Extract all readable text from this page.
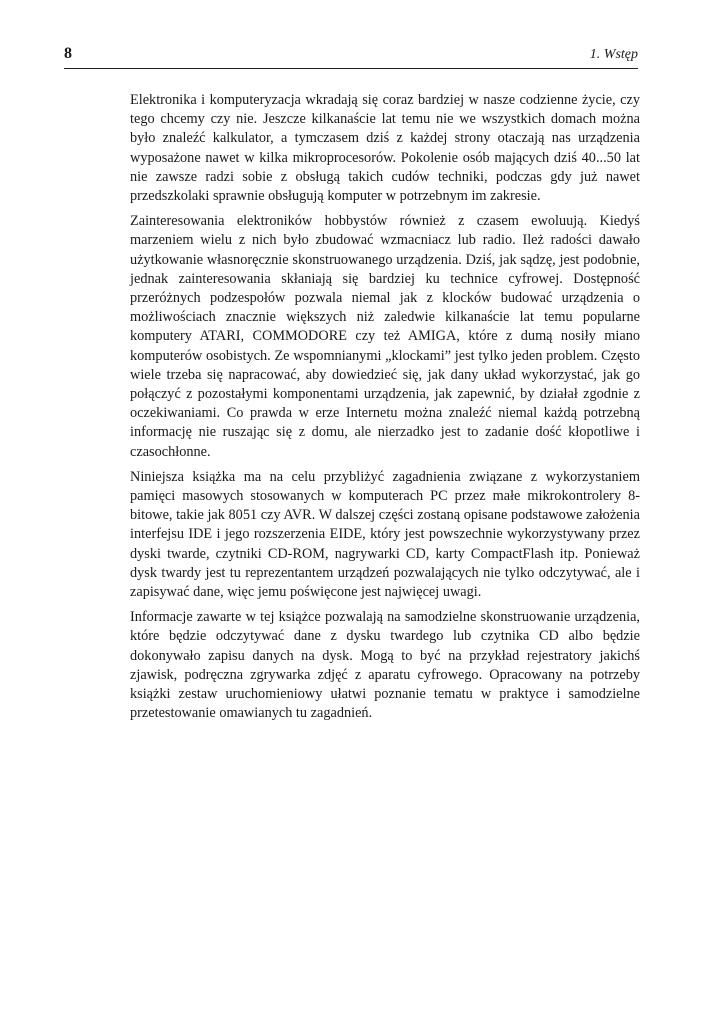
8	1. Wstęp

Elektronika i komputeryzacja wkradają się coraz bardziej w nasze codzienne życie, czy tego chcemy czy nie. Jeszcze kilkanaście lat temu nie we wszystkich domach można było znaleźć kalkulator, a tymczasem dziś z każdej strony otaczają nas urządzenia wyposażone nawet w kilka mikroprocesorów. Pokolenie osób mających dziś 40...50 lat nie zawsze radzi sobie z obsługą takich cudów techniki, podczas gdy już nawet przedszkolaki sprawnie obsługują komputer w potrzebnym im zakresie.

Zainteresowania elektroników hobbystów również z czasem ewoluują. Kiedyś marzeniem wielu z nich było zbudować wzmacniacz lub radio. Ileż radości dawało użytkowanie własnoręcznie skonstruowanego urządzenia. Dziś, jak sądzę, jest podobnie, jednak zainteresowania skłaniają się bardziej ku technice cyfrowej. Dostępność przeróżnych podzespołów pozwala niemal jak z klocków budować urządzenia o możliwościach znacznie większych niż zaledwie kilkanaście lat temu popularne komputery ATARI, COMMODORE czy też AMIGA, które z dumą nosiły miano komputerów osobistych. Ze wspomnianymi „klockami” jest tylko jeden problem. Często wiele trzeba się napracować, aby dowiedzieć się, jak dany układ wykorzystać, jak go połączyć z pozostałymi komponentami urządzenia, jak zapewnić, by działał zgodnie z oczekiwaniami. Co prawda w erze Internetu można znaleźć niemal każdą potrzebną informację nie ruszając się z domu, ale nierzadko jest to zadanie dość kłopotliwe i czasochłonne.

Niniejsza książka ma na celu przybliżyć zagadnienia związane z wykorzystaniem pamięci masowych stosowanych w komputerach PC przez małe mikrokontrolery 8-bitowe, takie jak 8051 czy AVR. W dalszej części zostaną opisane podstawowe założenia interfejsu IDE i jego rozszerzenia EIDE, który jest powszechnie wykorzystywany przez dyski twarde, czytniki CD-ROM, nagrywarki CD, karty CompactFlash itp. Ponieważ dysk twardy jest tu reprezentantem urządzeń pozwalających nie tylko odczytywać, ale i zapisywać dane, więc jemu poświęcone jest najwięcej uwagi.

Informacje zawarte w tej książce pozwalają na samodzielne skonstruowanie urządzenia, które będzie odczytywać dane z dysku twardego lub czytnika CD albo będzie dokonywało zapisu danych na dysk. Mogą to być na przykład rejestratory jakichś zjawisk, podręczna zgrywarka zdjęć z aparatu cyfrowego. Opracowany na potrzeby książki zestaw uruchomieniowy ułatwi poznanie tematu w praktyce i samodzielne przetestowanie omawianych tu zagadnień.
